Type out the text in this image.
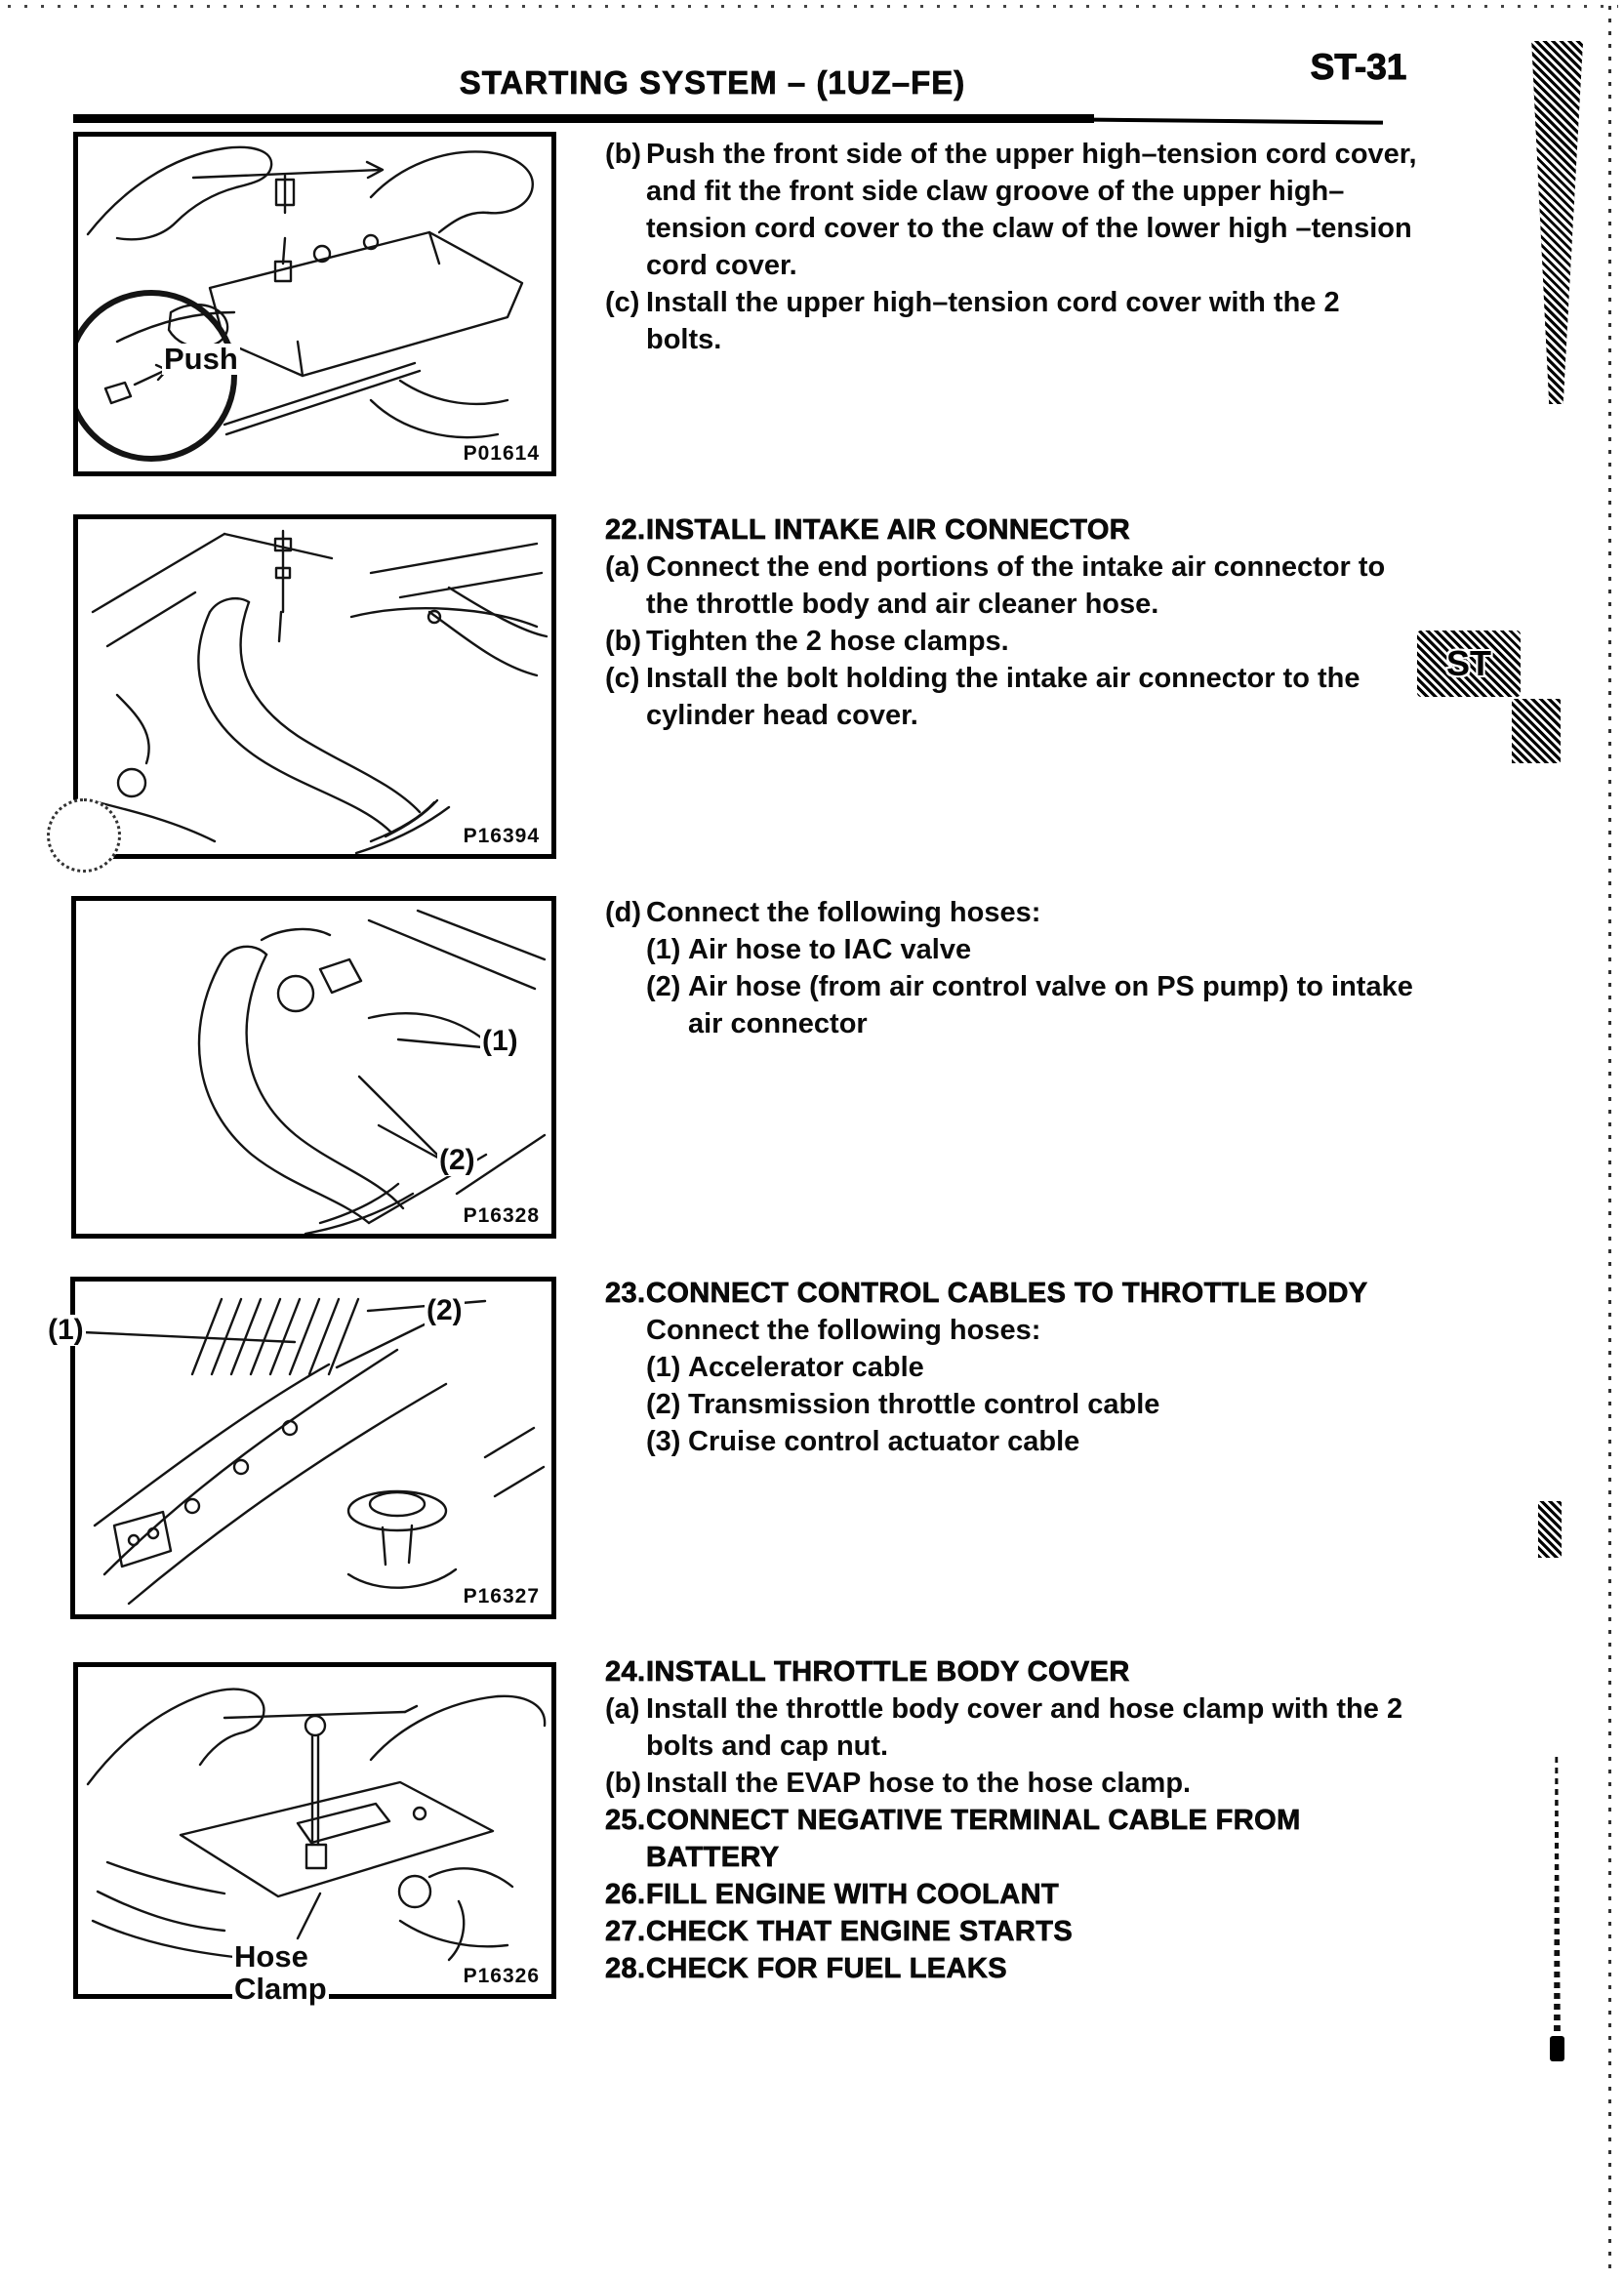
STARTING SYSTEM – (1UZ–FE)	ST-31
Push
P01614
P16394
(1)
(2)
P16328
(1)
(2)
P16327
Hose
Clamp	P16326
(b) Push the front side of the upper high–tension cord cover, and fit the front side claw groove of the upper high–tension cord cover to the claw of the lower high –tension cord cover.
(c) Install the upper high–tension cord cover with the 2 bolts.
22. INSTALL INTAKE AIR CONNECTOR
(a) Connect the end portions of the intake air connector to the throttle body and air cleaner hose.
(b) Tighten the 2 hose clamps.
(c) Install the bolt holding the intake air connector to the cylinder head cover.
(d) Connect the following hoses:
(1) Air hose to IAC valve
(2) Air hose (from air control valve on PS pump) to intake air connector
23. CONNECT CONTROL CABLES TO THROTTLE BODY
Connect the following hoses:
(1) Accelerator cable
(2) Transmission throttle control cable
(3) Cruise control actuator cable
24. INSTALL THROTTLE BODY COVER
(a) Install the throttle body cover and hose clamp with the 2 bolts and cap nut.
(b) Install the EVAP hose to the hose clamp.
25. CONNECT NEGATIVE TERMINAL CABLE FROM BATTERY
26. FILL ENGINE WITH COOLANT
27. CHECK THAT ENGINE STARTS
28. CHECK FOR FUEL LEAKS
ST
